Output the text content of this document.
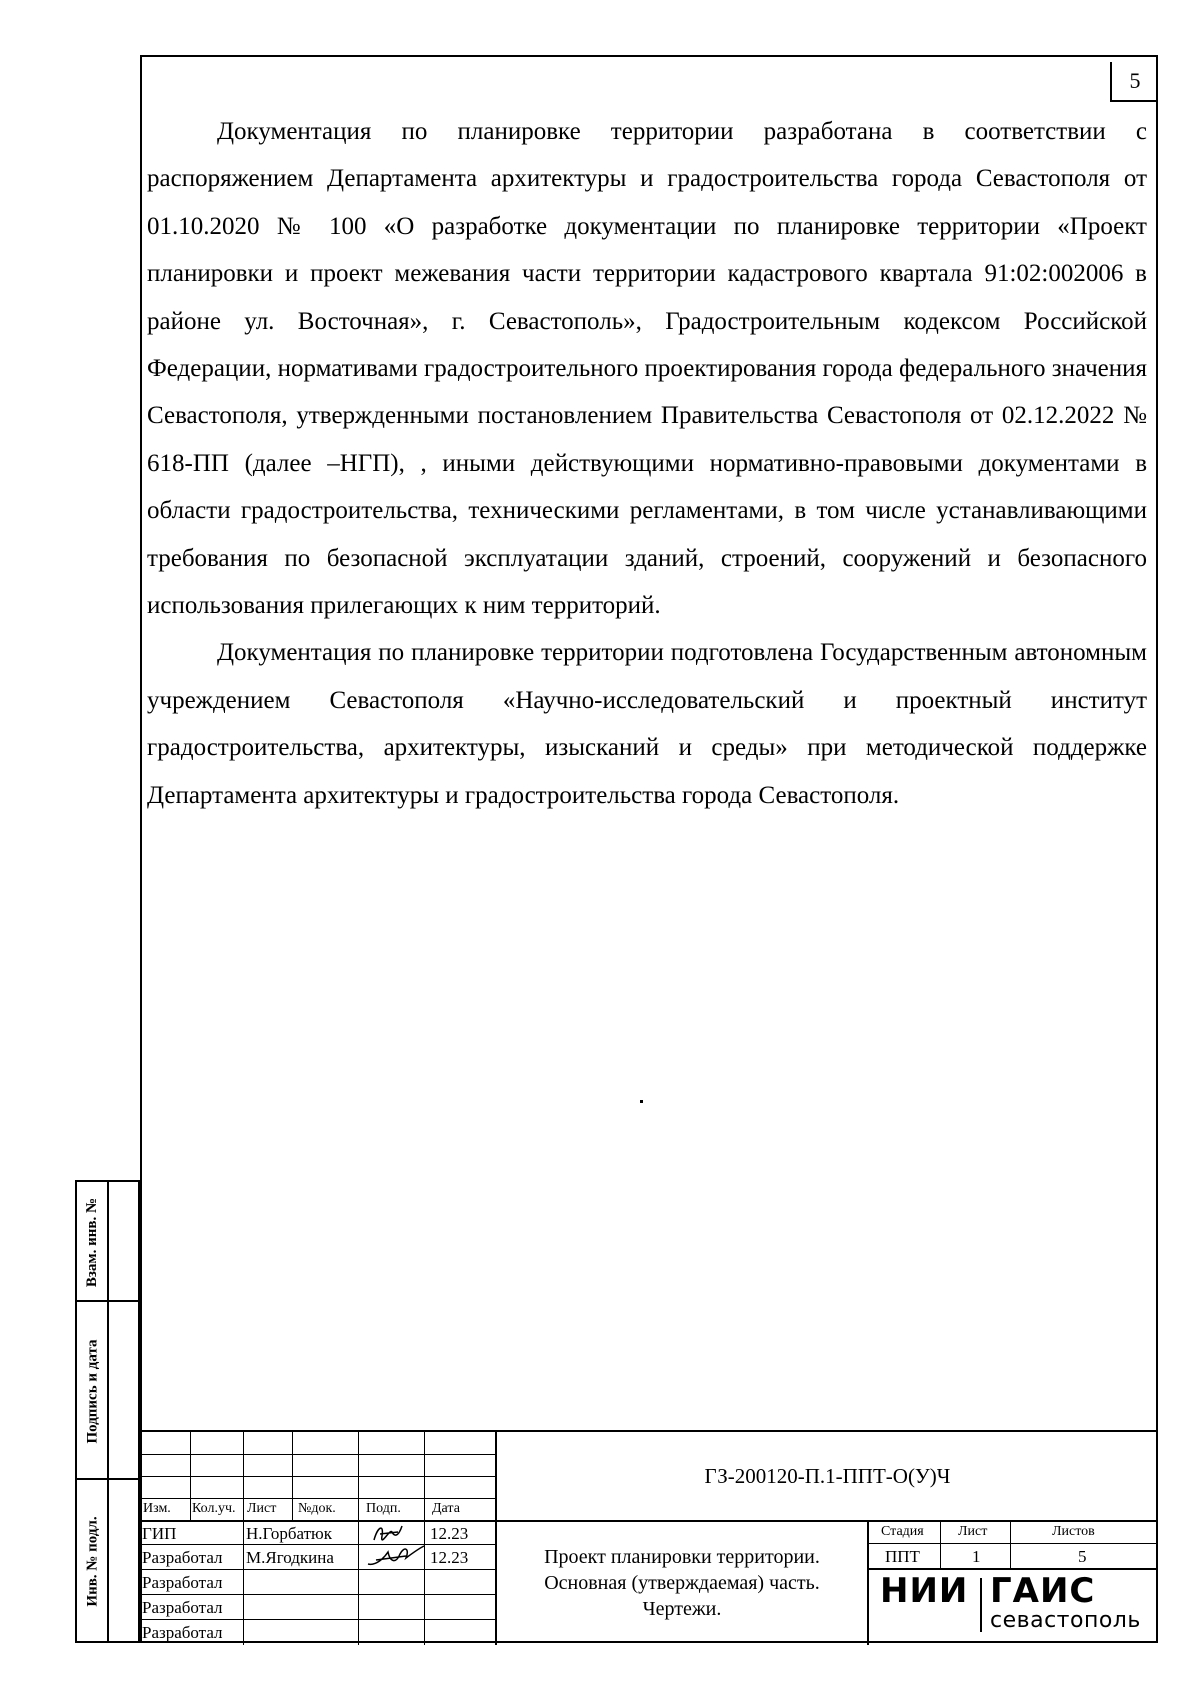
5

Документация по планировке территории разработана в соответствии с распоряжением Департамента архитектуры и градостроительства города Севастополя от 01.10.2020 № 100 «О разработке документации по планировке территории «Проект планировки и проект межевания части территории кадастрового квартала 91:02:002006 в районе ул. Восточная», г. Севастополь», Градостроительным кодексом Российской Федерации, нормативами градостроительного проектирования города федерального значения Севастополя, утвержденными постановлением Правительства Севастополя от 02.12.2022 № 618-ПП (далее –НГП), , иными действующими нормативно-правовыми документами в области градостроительства, техническими регламентами, в том числе устанавливающими требования по безопасной эксплуатации зданий, строений, сооружений и безопасного использования прилегающих к ним территорий.

Документация по планировке территории подготовлена Государственным автономным учреждением Севастополя «Научно-исследовательский и проектный институт градостроительства, архитектуры, изысканий и среды» при методической поддержке Департамента архитектуры и градостроительства города Севастополя.

Взам. инв. №
Подпись и дата
Инв. № подл.
Изм. Кол.уч. Лист №док. Подп. Дата
ГИП	Н.Горбатюк	12.23
Разработал М.Ягодкина	12.23
Разработал
Разработал
Разработал
ГЗ-200120-П.1-ППТ-О(У)Ч
Проект планировки территории.
Основная (утверждаемая) часть.
Чертежи.
Стадия Лист	Листов
ППТ	1	5
НИИ ГАИС
севастополь
